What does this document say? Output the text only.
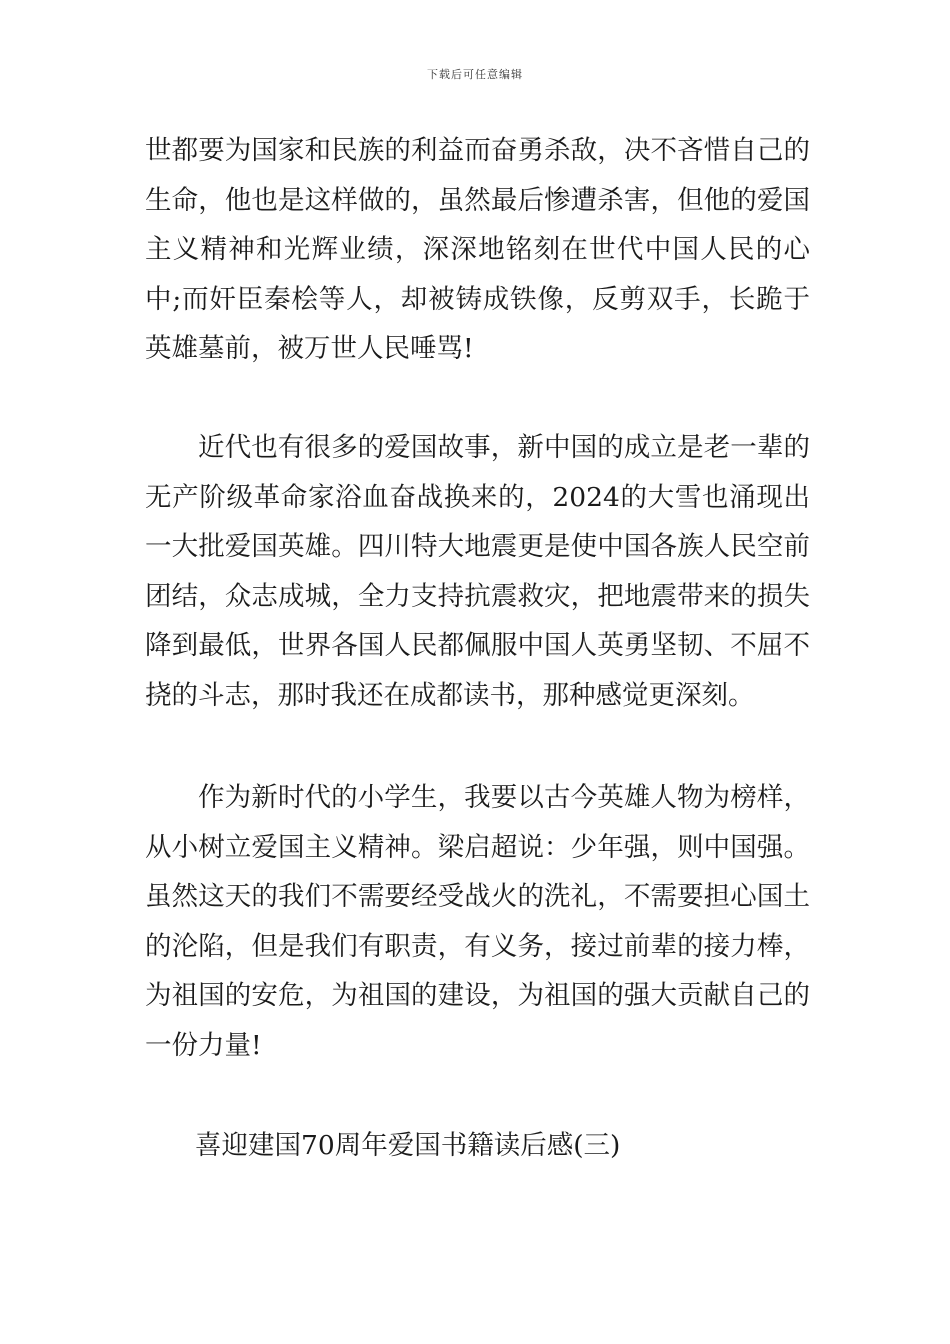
下载后可任意编辑

世都要为国家和民族的利益而奋勇杀敌，决不吝惜自己的生命，他也是这样做的，虽然最后惨遭杀害，但他的爱国主义精神和光辉业绩，深深地铭刻在世代中国人民的心中;而奸臣秦桧等人，却被铸成铁像，反剪双手，长跪于英雄墓前，被万世人民唾骂!

近代也有很多的爱国故事，新中国的成立是老一辈的无产阶级革命家浴血奋战换来的，2024的大雪也涌现出一大批爱国英雄。四川特大地震更是使中国各族人民空前团结，众志成城，全力支持抗震救灾，把地震带来的损失降到最低，世界各国人民都佩服中国人英勇坚韧、不屈不挠的斗志，那时我还在成都读书，那种感觉更深刻。

作为新时代的小学生，我要以古今英雄人物为榜样，从小树立爱国主义精神。梁启超说：少年强，则中国强。虽然这天的我们不需要经受战火的洗礼，不需要担心国土的沦陷，但是我们有职责，有义务，接过前辈的接力棒，为祖国的安危，为祖国的建设，为祖国的强大贡献自己的一份力量!

喜迎建国70周年爱国书籍读后感(三)
